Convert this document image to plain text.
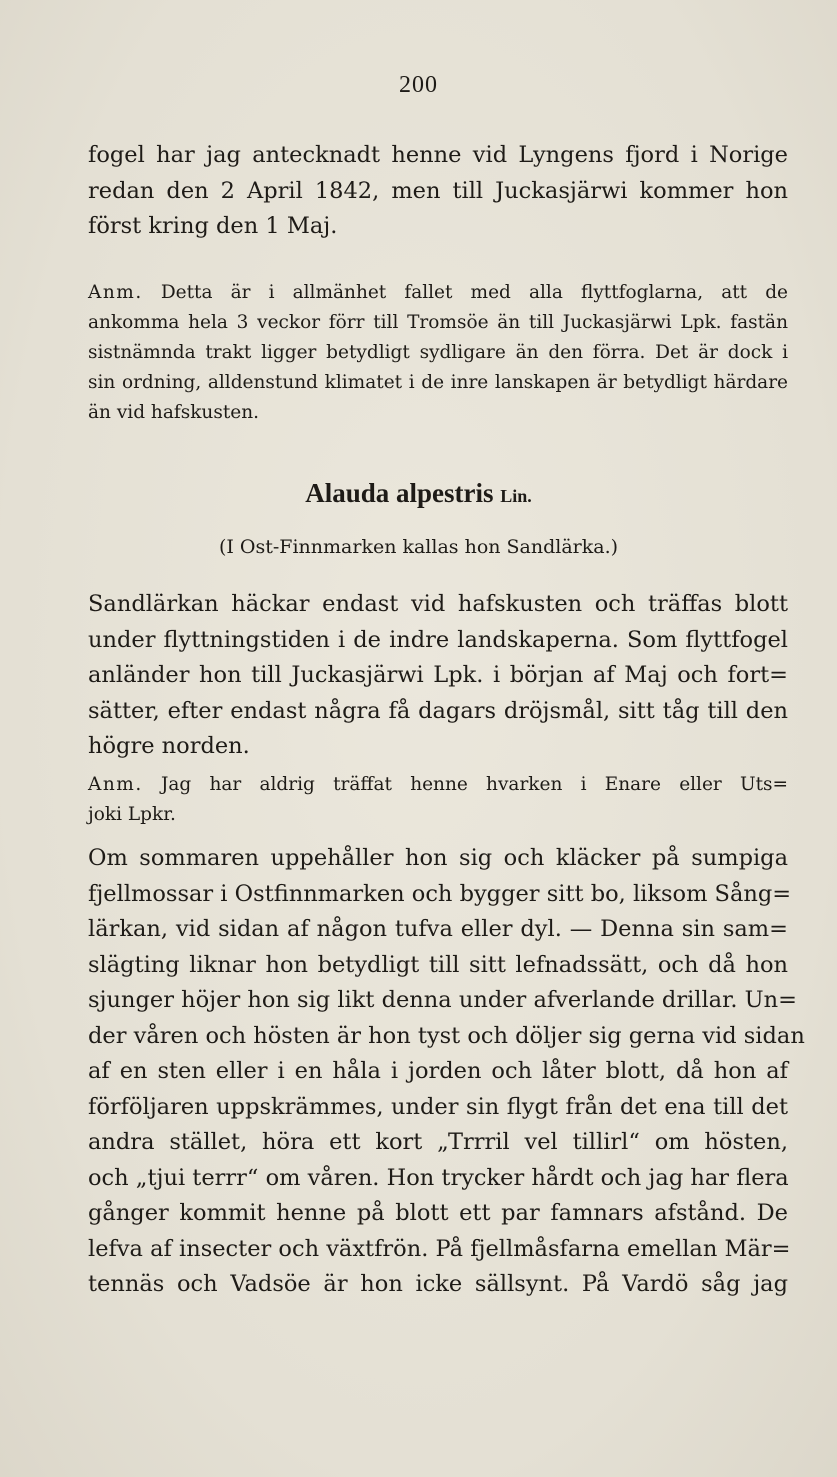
200
fogel har jag antecknadt henne vid Lyngens fjord i Norige
redan den 2 April 1842, men till Juckasjärwi kommer hon
först kring den 1 Maj.
Anm. Detta är i allmänhet fallet med alla flyttfoglarna, att de
ankomma hela 3 veckor förr till Tromsöe än till Juckasjärwi Lpk. fastän
sistnämnda trakt ligger betydligt sydligare än den förra. Det är dock i
sin ordning, alldenstund klimatet i de inre lanskapen är betydligt härdare
än vid hafskusten.
Alauda alpestris Lin.
(I Ost-Finnmarken kallas hon Sandlärka.)
Sandlärkan häckar endast vid hafskusten och träffas blott
under flyttningstiden i de indre landskaperna. Som flyttfogel
anländer hon till Juckasjärwi Lpk. i början af Maj och fort=
sätter, efter endast några få dagars dröjsmål, sitt tåg till den
högre norden.
Anm. Jag har aldrig träffat henne hvarken i Enare eller Uts=
joki Lpkr.
Om sommaren uppehåller hon sig och kläcker på sumpiga
fjellmossar i Ostfinnmarken och bygger sitt bo, liksom Sång=
lärkan, vid sidan af någon tufva eller dyl. — Denna sin sam=
slägting liknar hon betydligt till sitt lefnadssätt, och då hon
sjunger höjer hon sig likt denna under afverlande drillar. Un=
der våren och hösten är hon tyst och döljer sig gerna vid sidan
af en sten eller i en håla i jorden och låter blott, då hon af
förföljaren uppskrämmes, under sin flygt från det ena till det
andra stället, höra ett kort „Trrril vel tillirl“ om hösten,
och „tjui terrr“ om våren. Hon trycker hårdt och jag har flera
gånger kommit henne på blott ett par famnars afstånd. De
lefva af insecter och växtfrön. På fjellmåsfarna emellan Mär=
tennäs och Vadsöe är hon icke sällsynt. På Vardö såg jag
